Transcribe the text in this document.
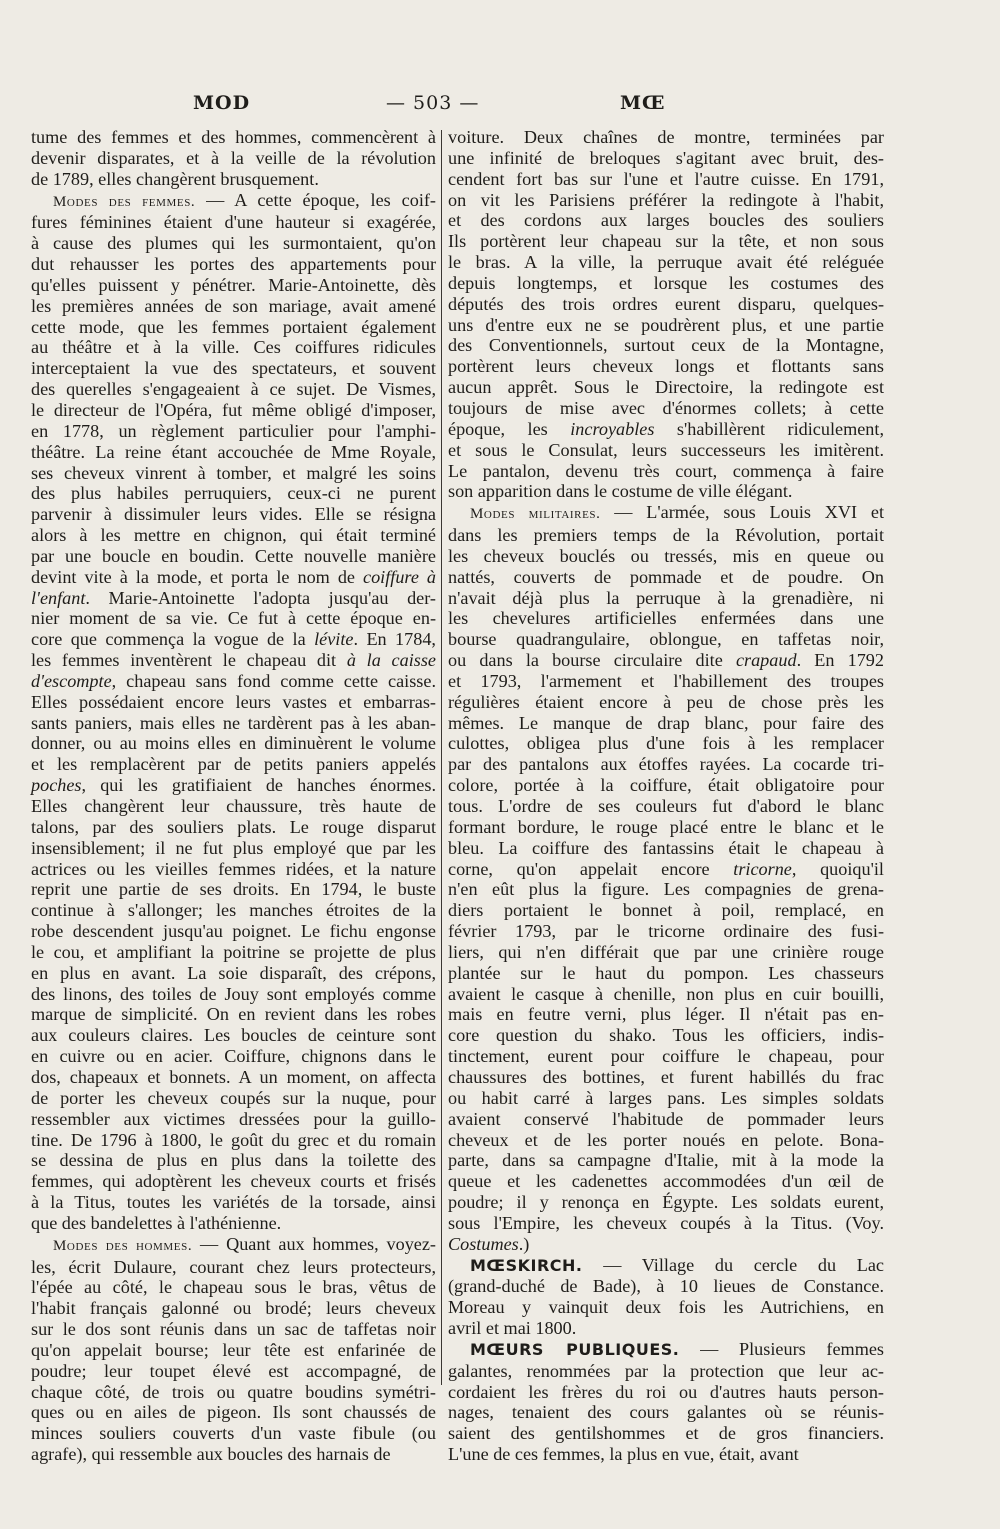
MOD	— 503 —	MŒ
tume des femmes et des hommes, commencèrent à
devenir disparates, et à la veille de la révolution
de 1789, elles changèrent brusquement.
Modes des femmes. — A cette époque, les coif-
fures féminines étaient d'une hauteur si exagérée,
à cause des plumes qui les surmontaient, qu'on
dut rehausser les portes des appartements pour
qu'elles puissent y pénétrer. Marie-Antoinette, dès
les premières années de son mariage, avait amené
cette mode, que les femmes portaient également
au théâtre et à la ville. Ces coiffures ridicules
interceptaient la vue des spectateurs, et souvent
des querelles s'engageaient à ce sujet. De Vismes,
le directeur de l'Opéra, fut même obligé d'imposer,
en 1778, un règlement particulier pour l'amphi-
théâtre. La reine étant accouchée de Mme Royale,
ses cheveux vinrent à tomber, et malgré les soins
des plus habiles perruquiers, ceux-ci ne purent
parvenir à dissimuler leurs vides. Elle se résigna
alors à les mettre en chignon, qui était terminé
par une boucle en boudin. Cette nouvelle manière
devint vite à la mode, et porta le nom de coiffure à
l'enfant. Marie-Antoinette l'adopta jusqu'au der-
nier moment de sa vie. Ce fut à cette époque en-
core que commença la vogue de la lévite. En 1784,
les femmes inventèrent le chapeau dit à la caisse
d'escompte, chapeau sans fond comme cette caisse.
Elles possédaient encore leurs vastes et embarras-
sants paniers, mais elles ne tardèrent pas à les aban-
donner, ou au moins elles en diminuèrent le volume
et les remplacèrent par de petits paniers appelés
poches, qui les gratifiaient de hanches énormes.
Elles changèrent leur chaussure, très haute de
talons, par des souliers plats. Le rouge disparut
insensiblement; il ne fut plus employé que par les
actrices ou les vieilles femmes ridées, et la nature
reprit une partie de ses droits. En 1794, le buste
continue à s'allonger; les manches étroites de la
robe descendent jusqu'au poignet. Le fichu engonse
le cou, et amplifiant la poitrine se projette de plus
en plus en avant. La soie disparaît, des crépons,
des linons, des toiles de Jouy sont employés comme
marque de simplicité. On en revient dans les robes
aux couleurs claires. Les boucles de ceinture sont
en cuivre ou en acier. Coiffure, chignons dans le
dos, chapeaux et bonnets. A un moment, on affecta
de porter les cheveux coupés sur la nuque, pour
ressembler aux victimes dressées pour la guillo-
tine. De 1796 à 1800, le goût du grec et du romain
se dessina de plus en plus dans la toilette des
femmes, qui adoptèrent les cheveux courts et frisés
à la Titus, toutes les variétés de la torsade, ainsi
que des bandelettes à l'athénienne.
Modes des hommes. — Quant aux hommes, voyez-
les, écrit Dulaure, courant chez leurs protecteurs,
l'épée au côté, le chapeau sous le bras, vêtus de
l'habit français galonné ou brodé; leurs cheveux
sur le dos sont réunis dans un sac de taffetas noir
qu'on appelait bourse; leur tête est enfarinée de
poudre; leur toupet élevé est accompagné, de
chaque côté, de trois ou quatre boudins symétri-
ques ou en ailes de pigeon. Ils sont chaussés de
minces souliers couverts d'un vaste fibule (ou
agrafe), qui ressemble aux boucles des harnais de
voiture. Deux chaînes de montre, terminées par
une infinité de breloques s'agitant avec bruit, des-
cendent fort bas sur l'une et l'autre cuisse. En 1791,
on vit les Parisiens préférer la redingote à l'habit,
et des cordons aux larges boucles des souliers
Ils portèrent leur chapeau sur la tête, et non sous
le bras. A la ville, la perruque avait été reléguée
depuis longtemps, et lorsque les costumes des
députés des trois ordres eurent disparu, quelques-
uns d'entre eux ne se poudrèrent plus, et une partie
des Conventionnels, surtout ceux de la Montagne,
portèrent leurs cheveux longs et flottants sans
aucun apprêt. Sous le Directoire, la redingote est
toujours de mise avec d'énormes collets; à cette
époque, les incroyables s'habillèrent ridiculement,
et sous le Consulat, leurs successeurs les imitèrent.
Le pantalon, devenu très court, commença à faire
son apparition dans le costume de ville élégant.
Modes militaires. — L'armée, sous Louis XVI et
dans les premiers temps de la Révolution, portait
les cheveux bouclés ou tressés, mis en queue ou
nattés, couverts de pommade et de poudre. On
n'avait déjà plus la perruque à la grenadière, ni
les chevelures artificielles enfermées dans une
bourse quadrangulaire, oblongue, en taffetas noir,
ou dans la bourse circulaire dite crapaud. En 1792
et 1793, l'armement et l'habillement des troupes
régulières étaient encore à peu de chose près les
mêmes. Le manque de drap blanc, pour faire des
culottes, obligea plus d'une fois à les remplacer
par des pantalons aux étoffes rayées. La cocarde tri-
colore, portée à la coiffure, était obligatoire pour
tous. L'ordre de ses couleurs fut d'abord le blanc
formant bordure, le rouge placé entre le blanc et le
bleu. La coiffure des fantassins était le chapeau à
corne, qu'on appelait encore tricorne, quoiqu'il
n'en eût plus la figure. Les compagnies de grena-
diers portaient le bonnet à poil, remplacé, en
février 1793, par le tricorne ordinaire des fusi-
liers, qui n'en différait que par une crinière rouge
plantée sur le haut du pompon. Les chasseurs
avaient le casque à chenille, non plus en cuir bouilli,
mais en feutre verni, plus léger. Il n'était pas en-
core question du shako. Tous les officiers, indis-
tinctement, eurent pour coiffure le chapeau, pour
chaussures des bottines, et furent habillés du frac
ou habit carré à larges pans. Les simples soldats
avaient conservé l'habitude de pommader leurs
cheveux et de les porter noués en pelote. Bona-
parte, dans sa campagne d'Italie, mit à la mode la
queue et les cadenettes accommodées d'un œil de
poudre; il y renonça en Égypte. Les soldats eurent,
sous l'Empire, les cheveux coupés à la Titus. (Voy.
Costumes.)
MŒSKIRCH. — Village du cercle du Lac
(grand-duché de Bade), à 10 lieues de Constance.
Moreau y vainquit deux fois les Autrichiens, en
avril et mai 1800.
MŒURS PUBLIQUES. — Plusieurs femmes
galantes, renommées par la protection que leur ac-
cordaient les frères du roi ou d'autres hauts person-
nages, tenaient des cours galantes où se réunis-
saient des gentilshommes et de gros financiers.
L'une de ces femmes, la plus en vue, était, avant
